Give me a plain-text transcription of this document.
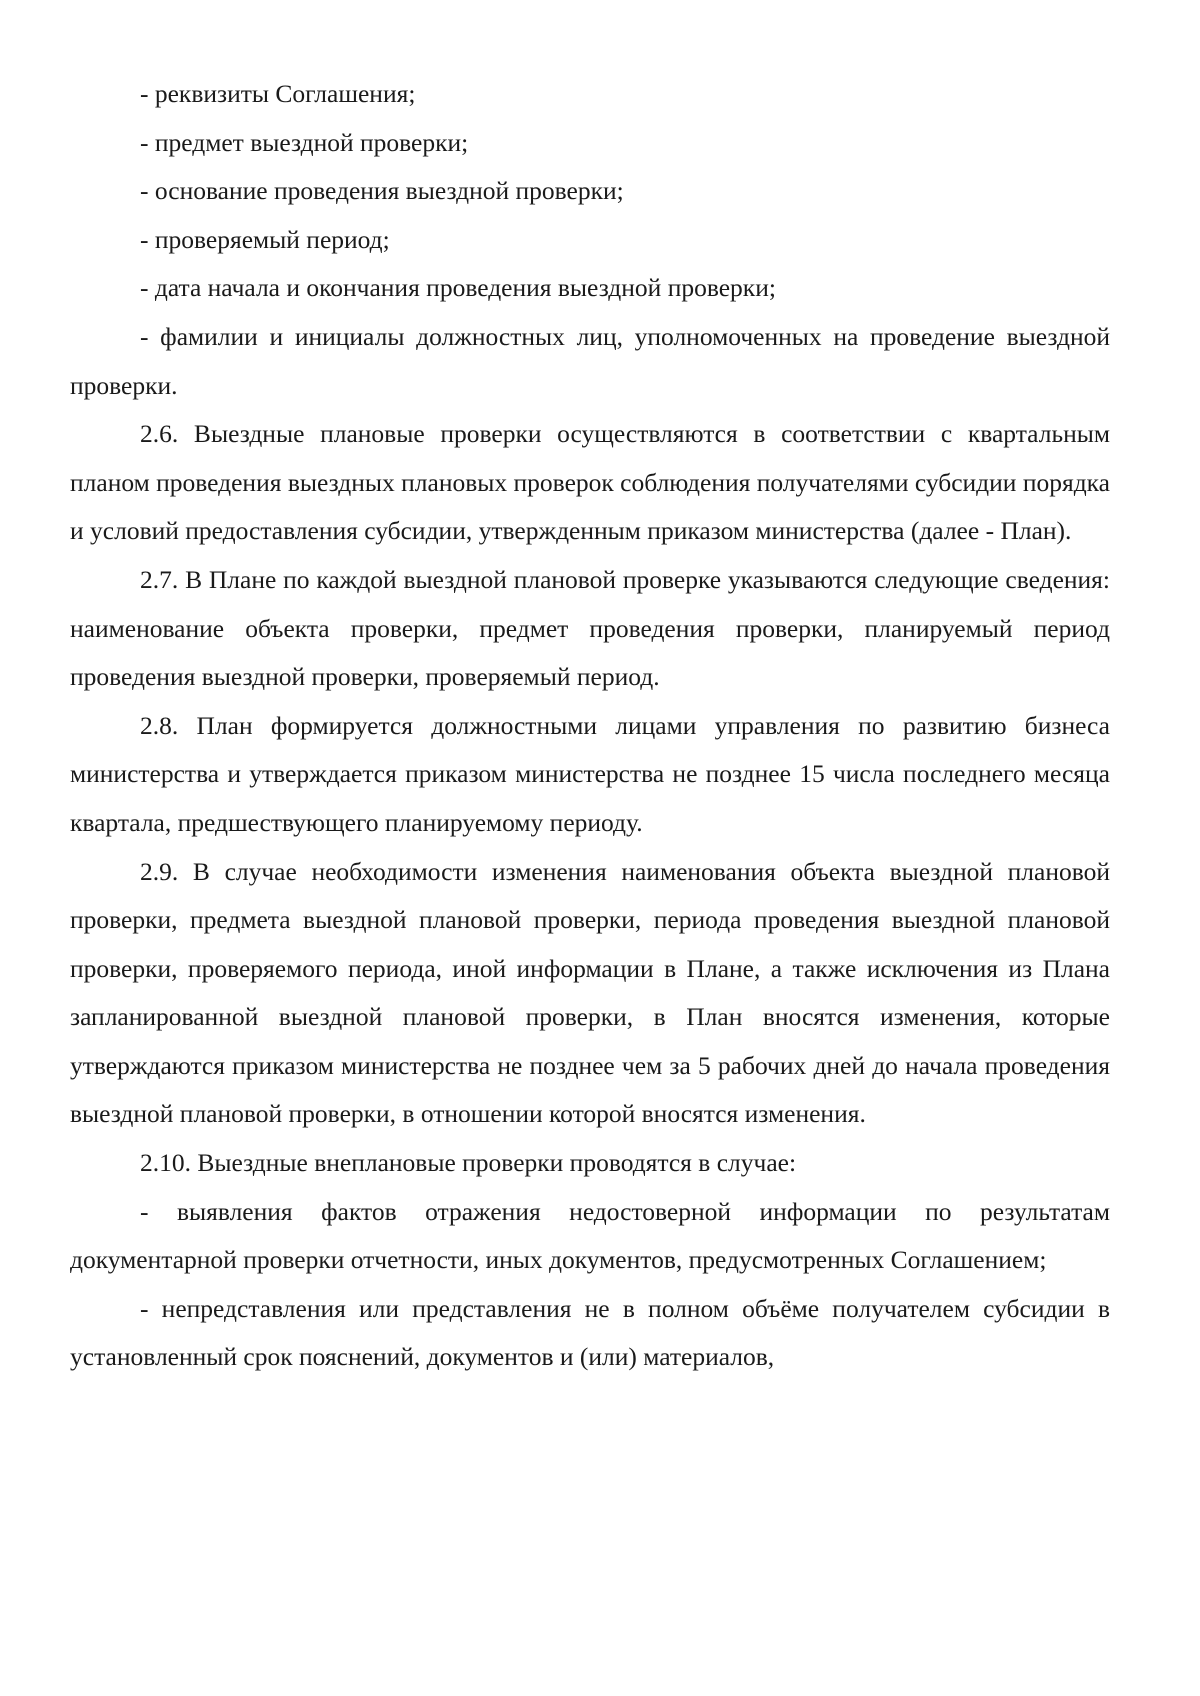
- реквизиты Соглашения;

- предмет выездной проверки;

- основание проведения выездной проверки;

- проверяемый период;

- дата начала и окончания проведения выездной проверки;

- фамилии и инициалы должностных лиц, уполномоченных на проведение выездной проверки.

2.6. Выездные плановые проверки осуществляются в соответствии с квартальным планом проведения выездных плановых проверок соблюдения получателями субсидии порядка и условий предоставления субсидии, утвержденным приказом министерства (далее - План).

2.7. В Плане по каждой выездной плановой проверке указываются следующие сведения: наименование объекта проверки, предмет проведения проверки, планируемый период проведения выездной проверки, проверяемый период.

2.8. План формируется должностными лицами управления по развитию бизнеса министерства и утверждается приказом министерства не позднее 15 числа последнего месяца квартала, предшествующего планируемому периоду.

2.9. В случае необходимости изменения наименования объекта выездной плановой проверки, предмета выездной плановой проверки, периода проведения выездной плановой проверки, проверяемого периода, иной информации в Плане, а также исключения из Плана запланированной выездной плановой проверки, в План вносятся изменения, которые утверждаются приказом министерства не позднее чем за 5 рабочих дней до начала проведения выездной плановой проверки, в отношении которой вносятся изменения.

2.10. Выездные внеплановые проверки проводятся в случае:

- выявления фактов отражения недостоверной информации по результатам документарной проверки отчетности, иных документов, предусмотренных Соглашением;

- непредставления или представления не в полном объёме получателем субсидии в установленный срок пояснений, документов и (или) материалов,
